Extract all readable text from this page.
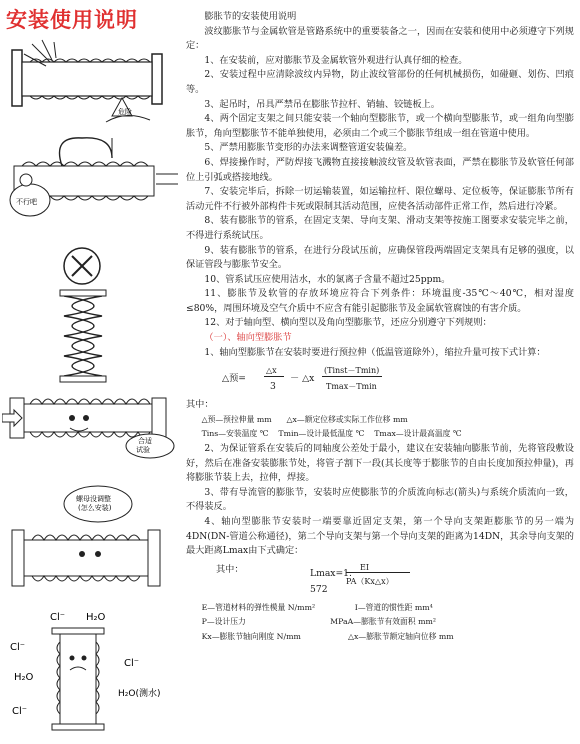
安装使用说明
危险
不行吧
合适试验
螺母没调整(怎么安装)
Cl⁻ H₂O
Cl⁻
H₂O
Cl⁻
Cl⁻
H₂O(测水)

膨胀节的安装使用说明

波纹膨胀节与金属软管是管路系统中的重要装备之一，因而在安装和使用中必须遵守下列规定：

1、在安装前，应对膨胀节及金属软管外观进行认真仔细的检查。

2、安装过程中应清除波纹内异物，防止波纹管部份的任何机械损伤，如碰砸、划伤、凹痕等。

3、起吊时，吊具严禁吊在膨胀节拉杆、销轴、铰链板上。

4、两个固定支架之间只能安装一个轴向型膨胀节，或一个横向型膨胀节，或一组角向型膨胀节，角向型膨胀节不能单独使用，必须由二个或三个膨胀节组成一组在管道中使用。

5、严禁用膨胀节变形的办法来调整管道安装偏差。

6、焊接操作时，严防焊接飞溅物直接接触波纹管及软管表面，严禁在膨胀节及软管任何部位上引弧或搭接地线。

7、安装完毕后，拆除一切运输装置，如运输拉杆、限位螺母、定位板等，保证膨胀节所有活动元件不行被外部构件卡死或限制其活动范围，应使各活动部件正常工作，然后进行冷紧。

8、装有膨胀节的管系，在固定支架、导向支架、滑动支架等按施工图要求安装完毕之前，不得进行系统试压。

9、装有膨胀节的管系，在进行分段试压前，应确保管段两端固定支架具有足够的强度，以保证管段与膨胀节安全。

10、管系试压应使用洁水，水的氯离子含量不超过25ppm。

11、膨胀节及软管的存放环境应符合下列条件：环境温度-35℃～40℃，相对湿度≤80%，周围环境及空气介质中不应含有能引起膨胀节及金属软管腐蚀的有害介质。

12、对于轴向型、横向型以及角向型膨胀节，还应分别遵守下列规则：

（一）、轴向型膨胀节

1、轴向型膨胀节在安装时要进行预拉伸（低温管道除外），缩拉升量可按下式计算：

△预=
△x
3
－ △x
(Tinst－Tmin)
Tmax－Tmin

其中：

△预—预拉伸量 mm △x—额定位移或实际工作位移 mm

Tins—安装温度 ℃ Tmin—设计最低温度 ℃ Tmax—设计最高温度 ℃

2、为保证管系在安装后的同轴度公差处于最小，建议在安装轴向膨胀节前，先将管段敷设好，然后在准备安装膨胀节处，将管子割下一段(其长度等于膨胀节的自由长度加预拉伸量)，再将膨胀节装上去，拉伸，焊接。

3、带有导流管的膨胀节，安装时应使膨胀节的介质流向标志(箭头)与系统介质流向一致，不得装反。

4、轴向型膨胀节安装时一端要靠近固定支架，第一个导向支架距膨胀节的另一端为4DN(DN-管道公称通径)，第二个导向支架与第一个导向支架的距离为14DN，其余导向支架的最大距离Lmax由下式确定：

其中：	Lmax=1.
572
EI
PA（Kx△x）

E—管道材料的弹性模量 N/mm²	I—管道的惯性距 mm⁴

P—设计压力	MPaA—膨胀节有效面积 mm²

Kx—膨胀节轴向刚度 N/mm	△x—膨胀节额定轴向位移 mm
